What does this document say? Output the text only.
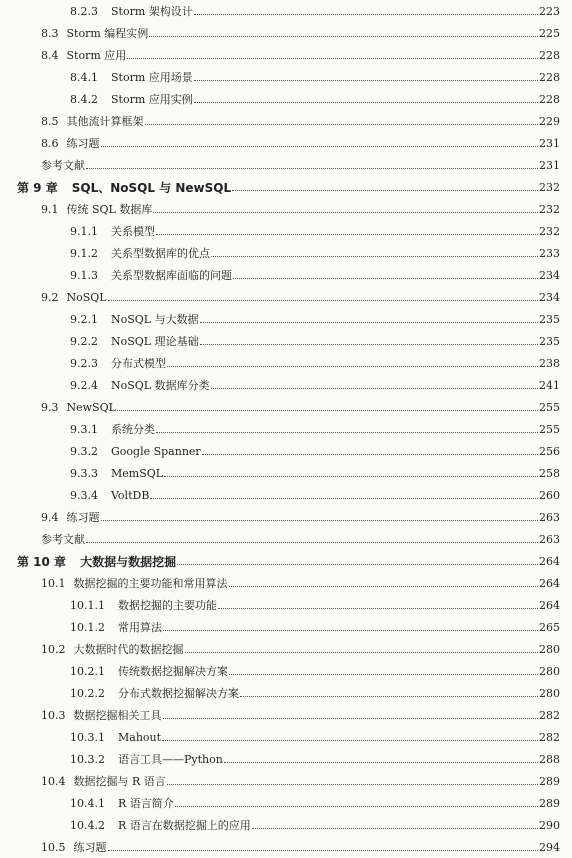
8.2.3 Storm 架构设计	223
8.3 Storm 编程实例	225
8.4 Storm 应用	228
8.4.1 Storm 应用场景	228
8.4.2 Storm 应用实例	228
8.5 其他流计算框架	229
8.6 练习题	231
参考文献	231
第 9 章 SQL、NoSQL 与 NewSQL	232
9.1 传统 SQL 数据库	232
9.1.1 关系模型	232
9.1.2 关系型数据库的优点	233
9.1.3 关系型数据库面临的问题	234
9.2 NoSQL	234
9.2.1 NoSQL 与大数据	235
9.2.2 NoSQL 理论基础	235
9.2.3 分布式模型	238
9.2.4 NoSQL 数据库分类	241
9.3 NewSQL	255
9.3.1 系统分类	255
9.3.2 Google Spanner	256
9.3.3 MemSQL	258
9.3.4 VoltDB	260
9.4 练习题	263
参考文献	263
第 10 章 大数据与数据挖掘	264
10.1 数据挖掘的主要功能和常用算法	264
10.1.1 数据挖掘的主要功能	264
10.1.2 常用算法	265
10.2 大数据时代的数据挖掘	280
10.2.1 传统数据挖掘解决方案	280
10.2.2 分布式数据挖掘解决方案	280
10.3 数据挖掘相关工具	282
10.3.1 Mahout	282
10.3.2 语言工具——Python	288
10.4 数据挖掘与 R 语言	289
10.4.1 R 语言简介	289
10.4.2 R 语言在数据挖掘上的应用	290
10.5 练习题	294
